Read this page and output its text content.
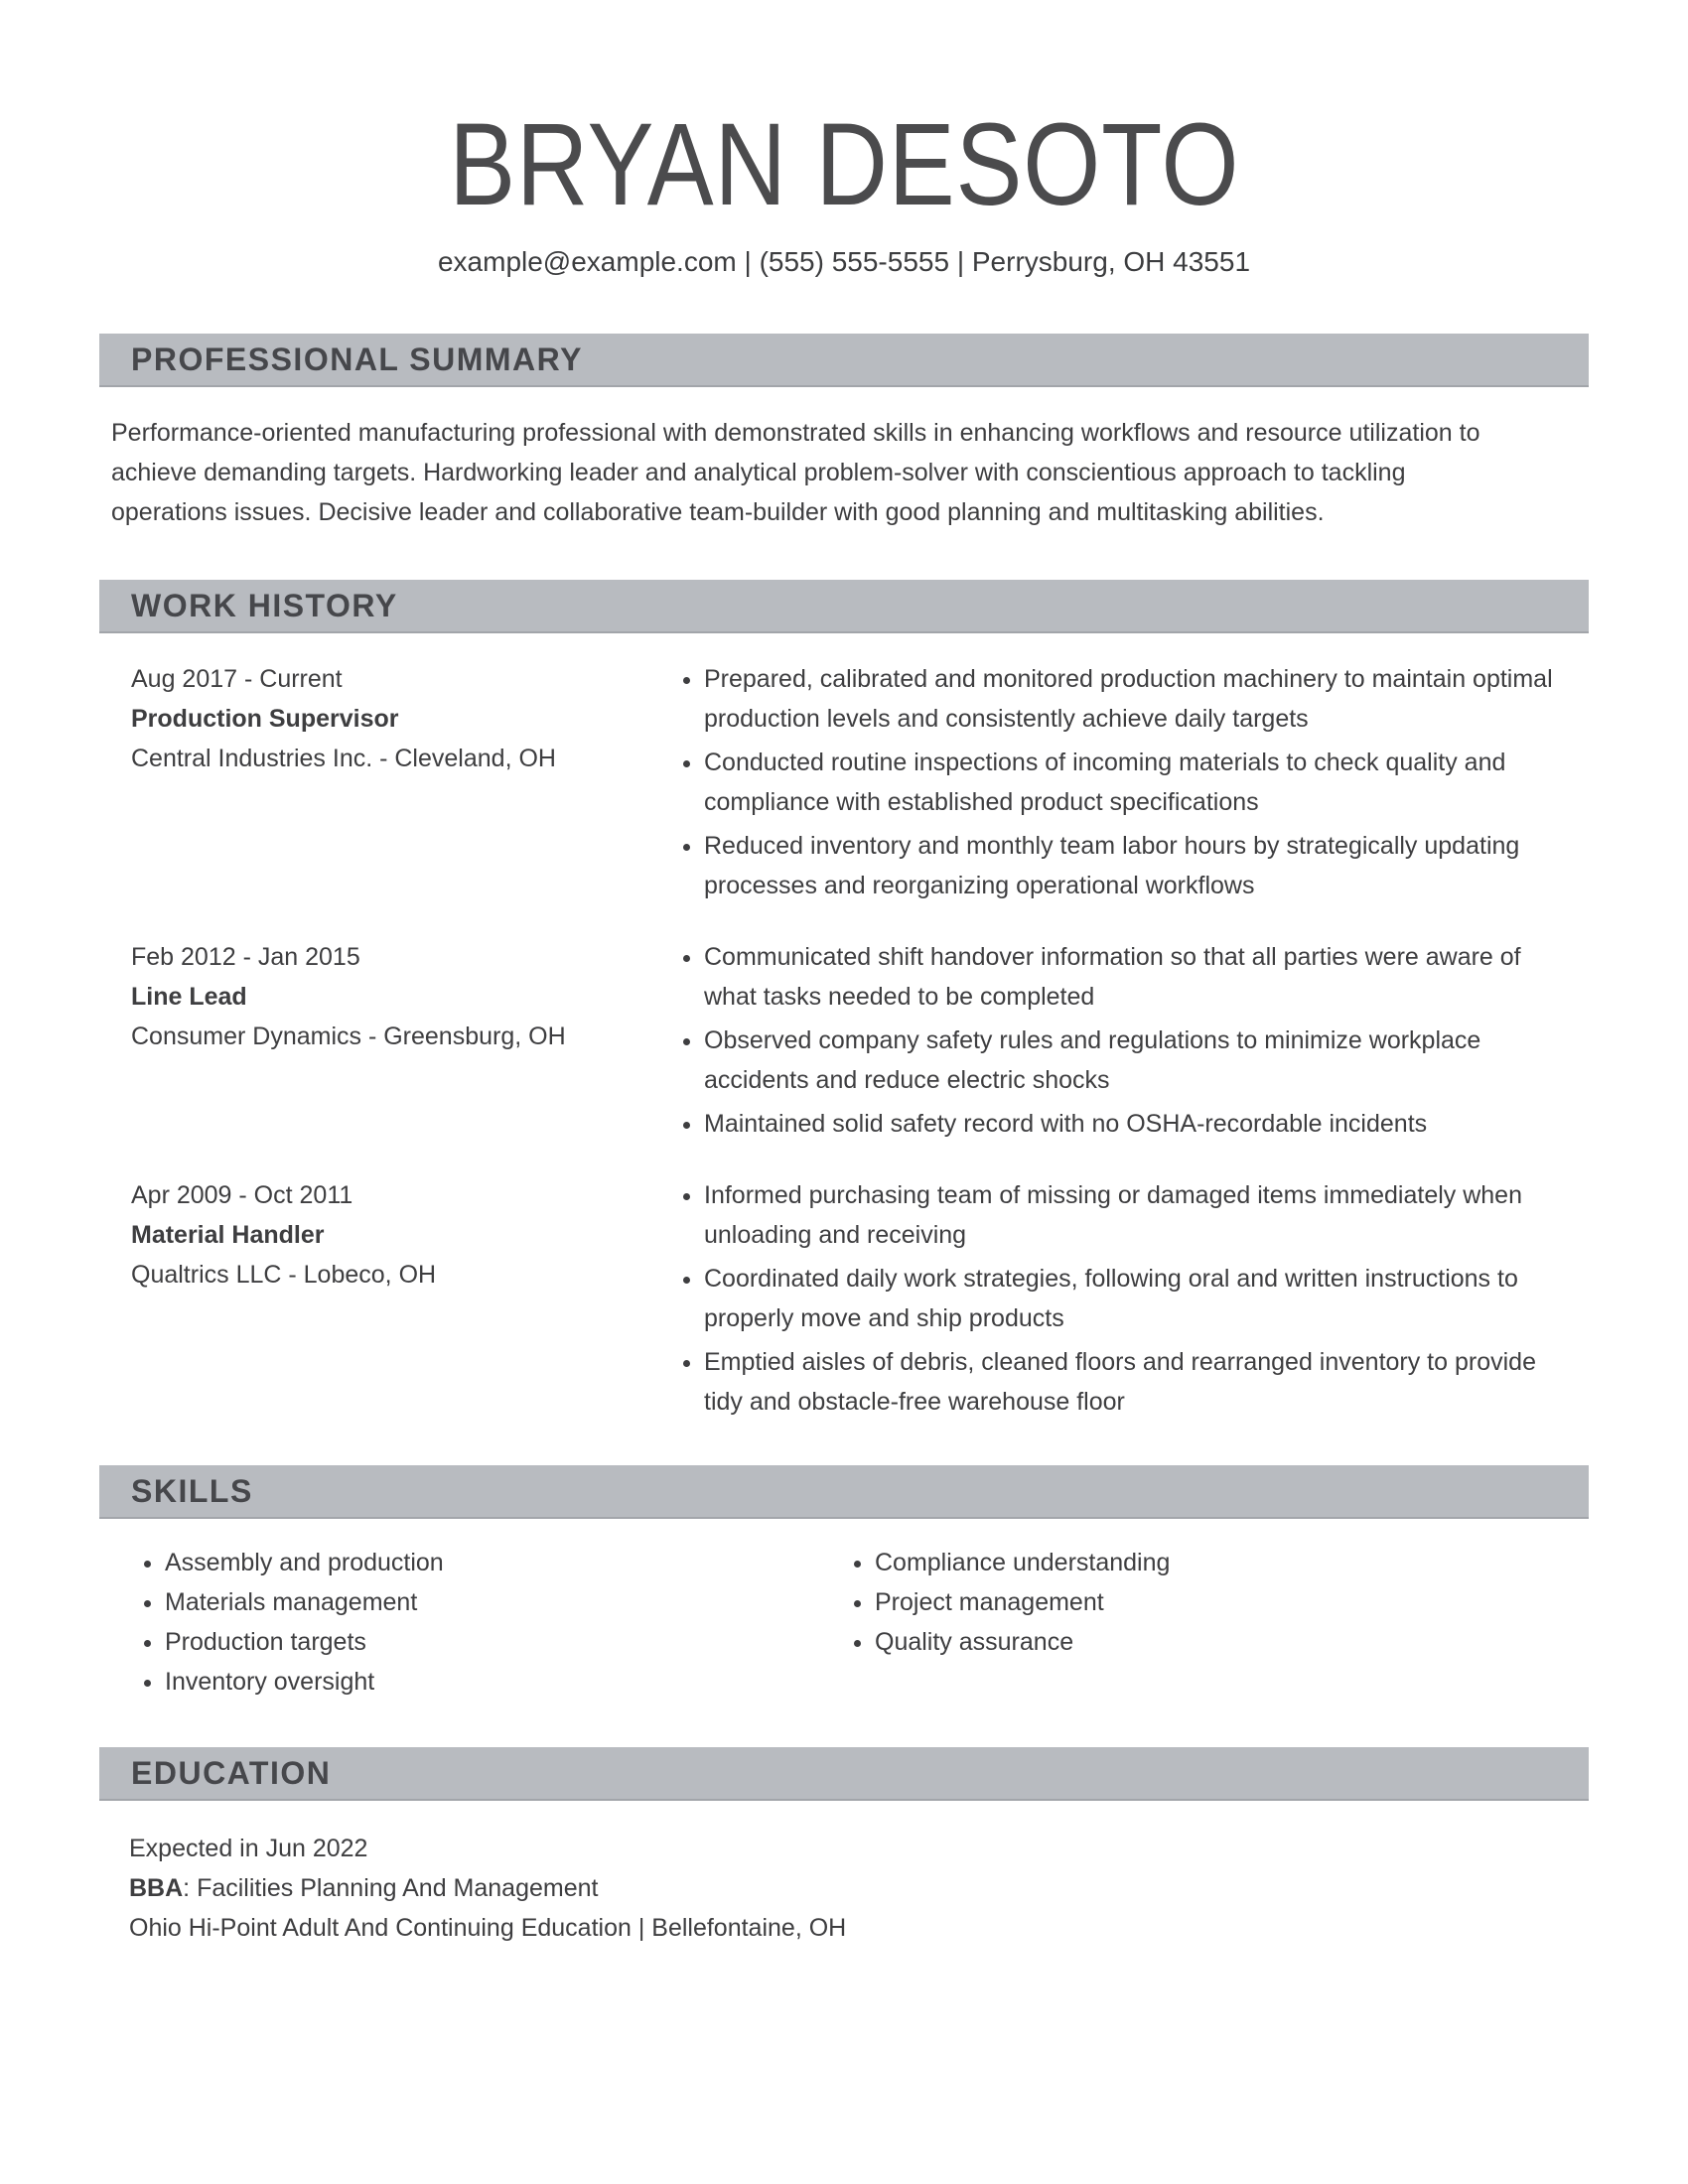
BRYAN DESOTO
example@example.com | (555) 555-5555 | Perrysburg, OH 43551
PROFESSIONAL SUMMARY

Performance-oriented manufacturing professional with demonstrated skills in enhancing workflows and resource utilization to achieve demanding targets. Hardworking leader and analytical problem-solver with conscientious approach to tackling operations issues. Decisive leader and collaborative team-builder with good planning and multitasking abilities.

WORK HISTORY
Aug 2017 - Current
Production Supervisor
Central Industries Inc. - Cleveland, OH
• Prepared, calibrated and monitored production machinery to maintain optimal production levels and consistently achieve daily targets
• Conducted routine inspections of incoming materials to check quality and compliance with established product specifications
• Reduced inventory and monthly team labor hours by strategically updating processes and reorganizing operational workflows
Feb 2012 - Jan 2015
Line Lead
Consumer Dynamics - Greensburg, OH
• Communicated shift handover information so that all parties were aware of what tasks needed to be completed
• Observed company safety rules and regulations to minimize workplace accidents and reduce electric shocks
• Maintained solid safety record with no OSHA-recordable incidents
Apr 2009 - Oct 2011
Material Handler
Qualtrics LLC - Lobeco, OH
• Informed purchasing team of missing or damaged items immediately when unloading and receiving
• Coordinated daily work strategies, following oral and written instructions to properly move and ship products
• Emptied aisles of debris, cleaned floors and rearranged inventory to provide tidy and obstacle-free warehouse floor
SKILLS
• Assembly and production
• Materials management
• Production targets
• Inventory oversight
• Compliance understanding
• Project management
• Quality assurance
EDUCATION
Expected in Jun 2022
BBA: Facilities Planning And Management
Ohio Hi-Point Adult And Continuing Education | Bellefontaine, OH
